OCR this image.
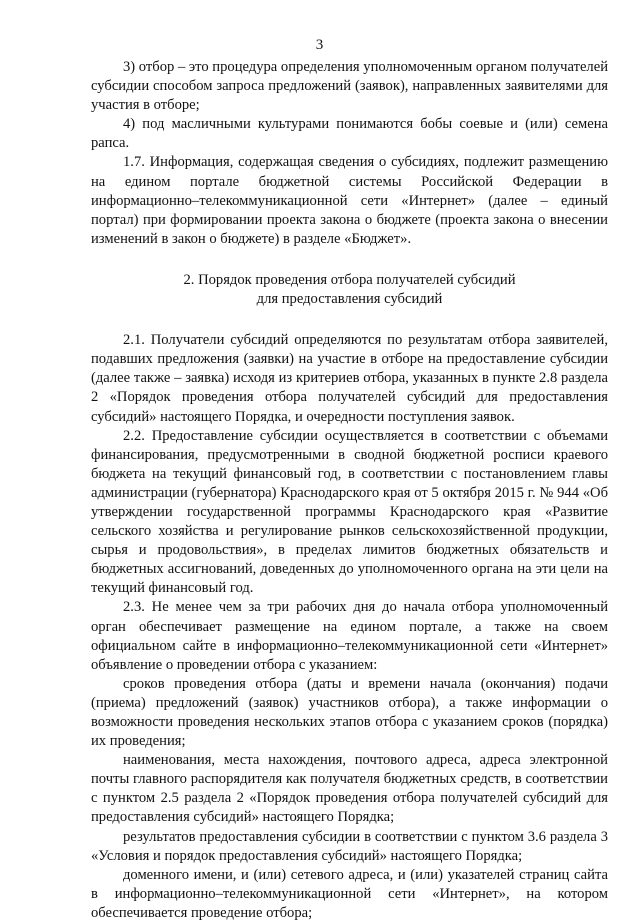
3

3) отбор – это процедура определения уполномоченным органом получателей субсидии способом запроса предложений (заявок), направленных заявителями для участия в отборе;

4) под масличными культурами понимаются бобы соевые и (или) семена рапса.

1.7. Информация, содержащая сведения о субсидиях, подлежит размещению на едином портале бюджетной системы Российской Федерации в информационно–телекоммуникационной сети «Интернет» (далее – единый портал) при формировании проекта закона о бюджете (проекта закона о внесении изменений в закон о бюджете) в разделе «Бюджет».

2. Порядок проведения отбора получателей субсидий
для предоставления субсидий

2.1. Получатели субсидий определяются по результатам отбора заявителей, подавших предложения (заявки) на участие в отборе на предоставление субсидии (далее также – заявка) исходя из критериев отбора, указанных в пункте 2.8 раздела 2 «Порядок проведения отбора получателей субсидий для предоставления субсидий» настоящего Порядка, и очередности поступления заявок.

2.2. Предоставление субсидии осуществляется в соответствии с объемами финансирования, предусмотренными в сводной бюджетной росписи краевого бюджета на текущий финансовый год, в соответствии с постановлением главы администрации (губернатора) Краснодарского края от 5 октября 2015 г. № 944 «Об утверждении государственной программы Краснодарского края «Развитие сельского хозяйства и регулирование рынков сельскохозяйственной продукции, сырья и продовольствия», в пределах лимитов бюджетных обязательств и бюджетных ассигнований, доведенных до уполномоченного органа на эти цели на текущий финансовый год.

2.3. Не менее чем за три рабочих дня до начала отбора уполномоченный орган обеспечивает размещение на едином портале, а также на своем официальном сайте в информационно–телекоммуникационной сети «Интернет» объявление о проведении отбора с указанием:

сроков проведения отбора (даты и времени начала (окончания) подачи (приема) предложений (заявок) участников отбора), а также информации о возможности проведения нескольких этапов отбора с указанием сроков (порядка) их проведения;

наименования, места нахождения, почтового адреса, адреса электронной почты главного распорядителя как получателя бюджетных средств, в соответствии с пунктом 2.5 раздела 2 «Порядок проведения отбора получателей субсидий для предоставления субсидий» настоящего Порядка;

результатов предоставления субсидии в соответствии с пунктом 3.6 раздела 3 «Условия и порядок предоставления субсидий» настоящего Порядка;

доменного имени, и (или) сетевого адреса, и (или) указателей страниц сайта в информационно–телекоммуникационной сети «Интернет», на котором обеспечивается проведение отбора;
